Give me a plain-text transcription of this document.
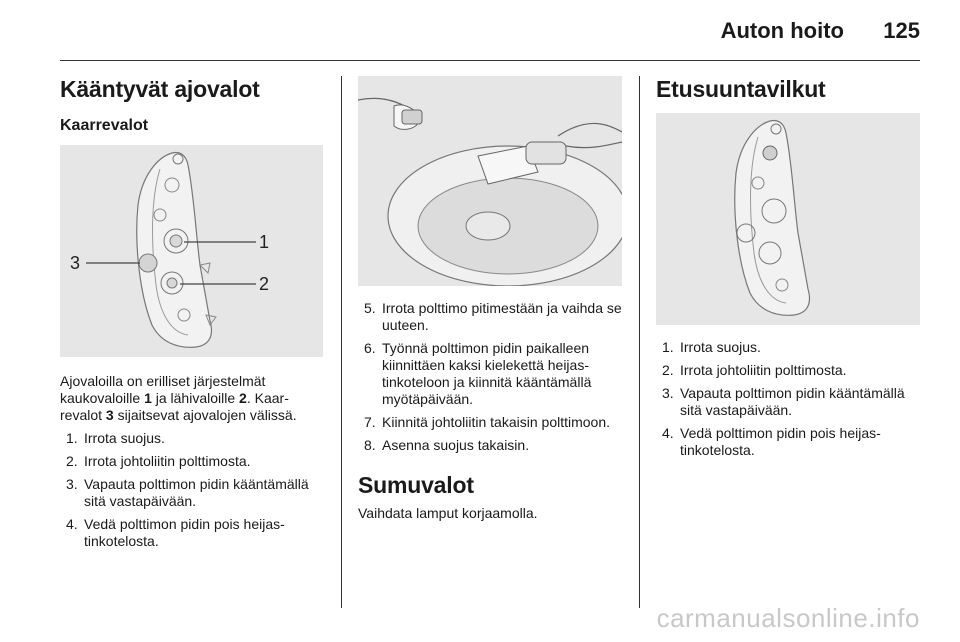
Auton hoito 125
Kääntyvät ajovalot
Kaarrevalot
1
2
3

Ajovaloilla on erilliset järjestelmät kaukovaloille 1 ja lähivaloille 2. Kaarrevalot 3 sijaitsevat ajovalojen välissä.

1. Irrota suojus.
2. Irrota johtoliitin polttimosta.
3. Vapauta polttimon pidin kääntämällä sitä vastapäivään.
4. Vedä polttimon pidin pois heijastinkotelosta.
5. Irrota polttimo pitimestään ja vaihda se uuteen.
6. Työnnä polttimon pidin paikalleen kiinnittäen kaksi kielekettä heijastinkoteloon ja kiinnitä kääntämällä myötäpäivään.
7. Kiinnitä johtoliitin takaisin polttimoon.
8. Asenna suojus takaisin.
Sumuvalot

Vaihdata lamput korjaamolla.

Etusuuntavilkut
1. Irrota suojus.
2. Irrota johtoliitin polttimosta.
3. Vapauta polttimon pidin kääntämällä sitä vastapäivään.
4. Vedä polttimon pidin pois heijastinkotelosta.
carmanualsonline.info
